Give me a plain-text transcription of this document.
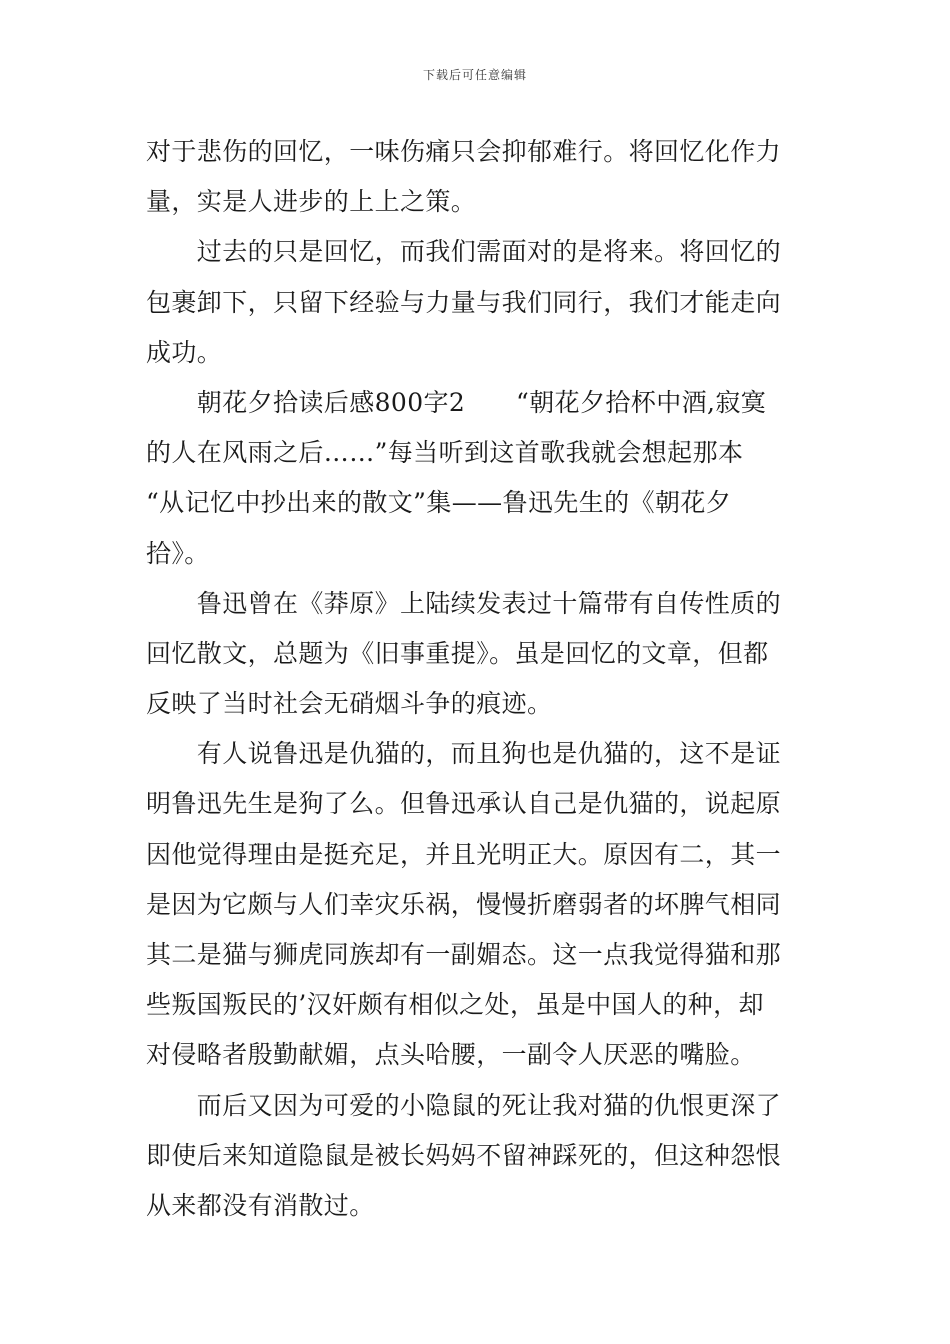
下载后可任意编辑
对于悲伤的回忆，一味伤痛只会抑郁难行。将回忆化作力
量，实是人进步的上上之策。
　　过去的只是回忆，而我们需面对的是将来。将回忆的
包裹卸下，只留下经验与力量与我们同行，我们才能走向
成功。
　　朝花夕拾读后感800字2　　“朝花夕拾杯中酒,寂寞
的人在风雨之后……”每当听到这首歌我就会想起那本
“从记忆中抄出来的散文”集——鲁迅先生的《朝花夕
拾》。
　　鲁迅曾在《莽原》上陆续发表过十篇带有自传性质的
回忆散文，总题为《旧事重提》。虽是回忆的文章，但都
反映了当时社会无硝烟斗争的痕迹。
　　有人说鲁迅是仇猫的，而且狗也是仇猫的，这不是证
明鲁迅先生是狗了么。但鲁迅承认自己是仇猫的，说起原
因他觉得理由是挺充足，并且光明正大。原因有二，其一
是因为它颇与人们幸灾乐祸，慢慢折磨弱者的坏脾气相同
其二是猫与狮虎同族却有一副媚态。这一点我觉得猫和那
些叛国叛民的’汉奸颇有相似之处，虽是中国人的种，却
对侵略者殷勤献媚，点头哈腰，一副令人厌恶的嘴脸。
　　而后又因为可爱的小隐鼠的死让我对猫的仇恨更深了
即使后来知道隐鼠是被长妈妈不留神踩死的，但这种怨恨
从来都没有消散过。
